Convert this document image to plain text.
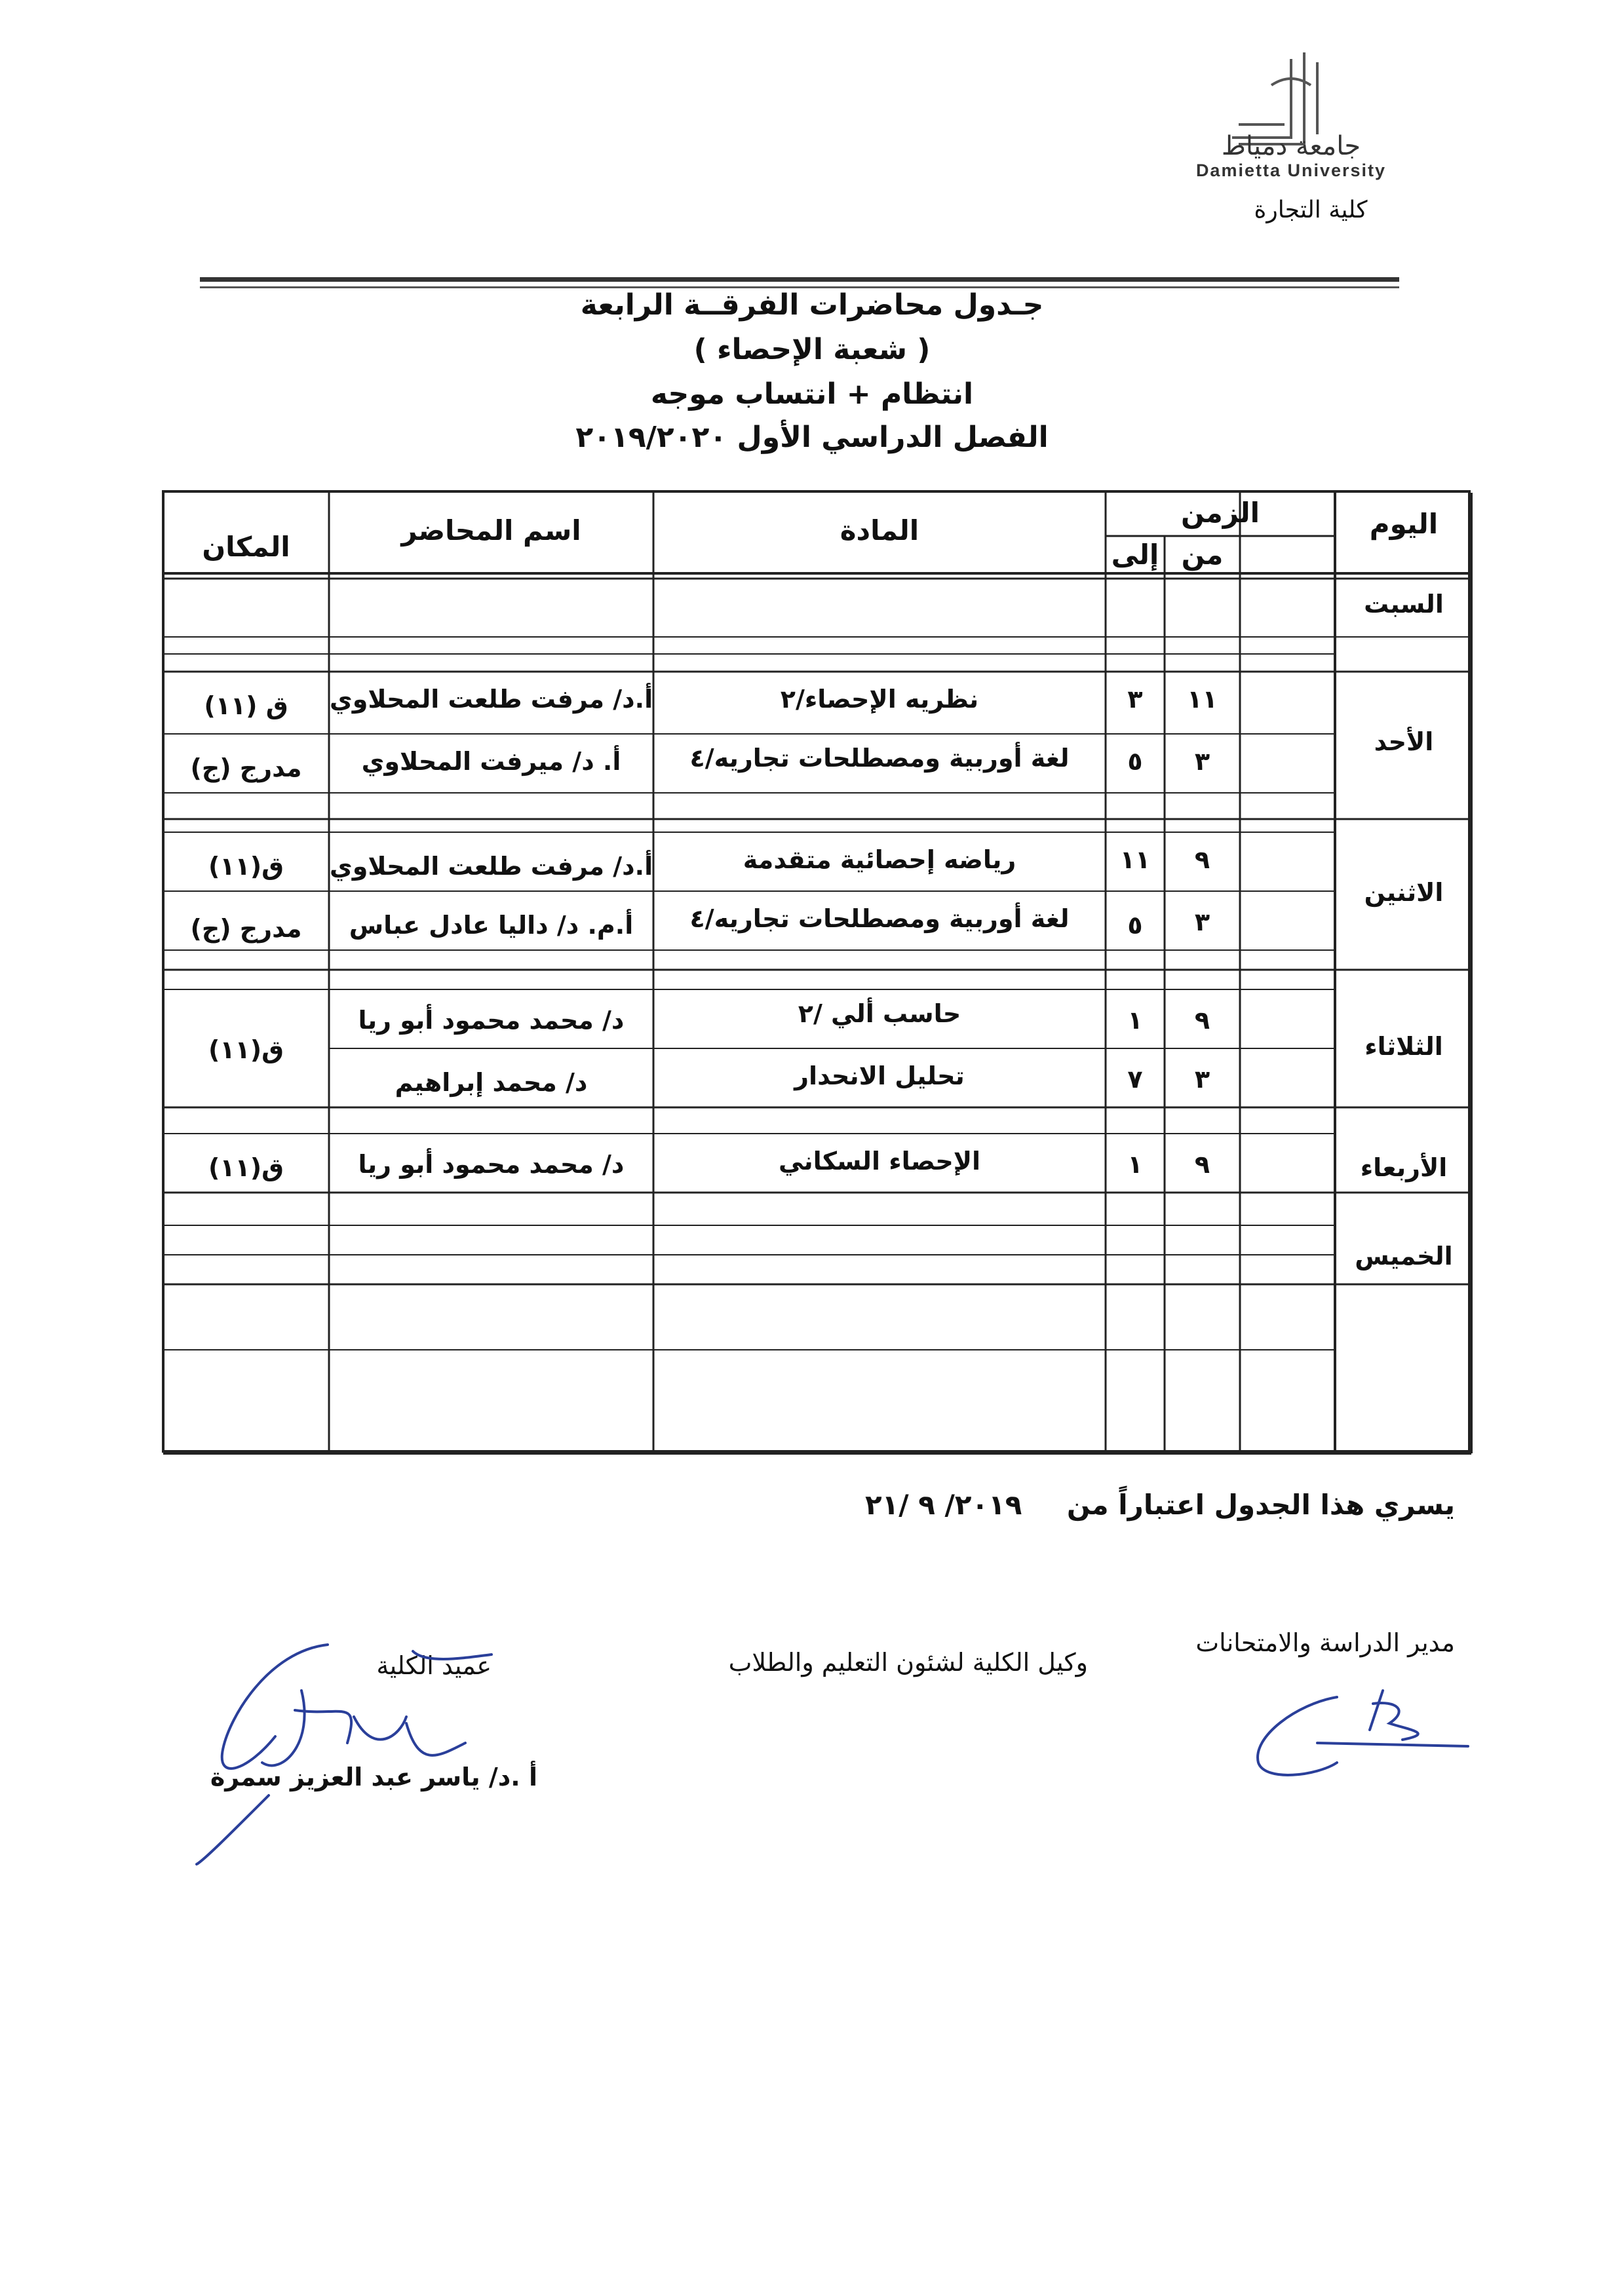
جامعة دمياط
Damietta University
كلية التجارة
جـدول محاضرات الفرقــة الرابعة
( شعبة الإحصاء )
انتظام + انتساب موجه
الفصل الدراسي الأول ٢٠١٩/٢٠٢٠
اليوم
الزمن
من
إلى
المادة
اسم المحاضر
المكان
السبت
الأحد
الاثنين
الثلاثاء
الأربعاء
الخميس
١١
٣
نظريه الإحصاء/٢
أ.د/ مرفت طلعت المحلاوي
ق (١١)
٣
٥
لغة أوربية ومصطلحات تجاريه/٤
أ. د/ ميرفت المحلاوي
مدرج (ج)
٩
١١
رياضه إحصائية متقدمة
أ.د/ مرفت طلعت المحلاوي
ق(١١)
٣
٥
لغة أوربية ومصطلحات تجاريه/٤
أ.م. د/ داليا عادل عباس
مدرج (ج)
٩
١
حاسب ألي /٢
د/ محمد محمود أبو ريا
ق(١١)
٣
٧
تحليل الانحدار
د/ محمد إبراهيم
٩
١
الإحصاء السكاني
د/ محمد محمود أبو ريا
ق(١١)
يسري هذا الجدول اعتباراً من
٢٠١٩/ ٩ /٢١
مدير الدراسة والامتحانات
وكيل الكلية لشئون التعليم والطلاب
عميد الكلية
أ .د/ ياسر عبد العزيز سمرة
